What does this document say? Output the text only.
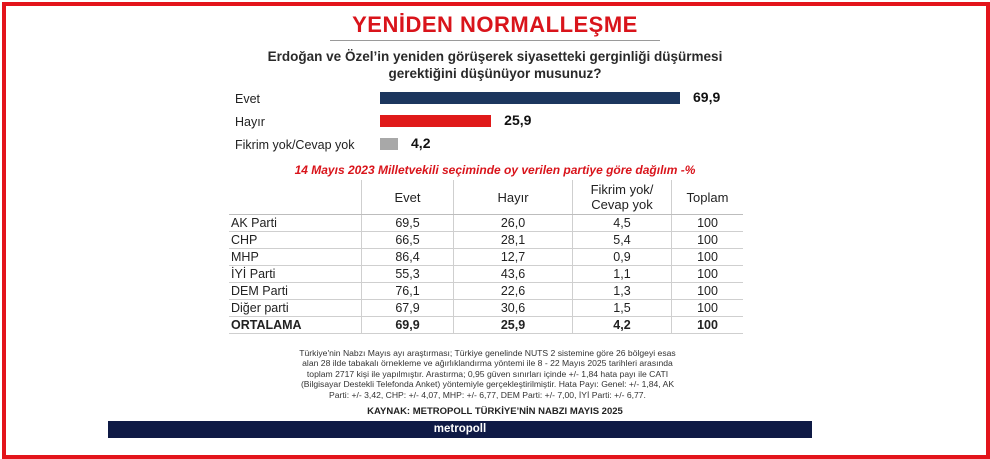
YENİDEN NORMALLEŞME
Erdoğan ve Özel’in yeniden görüşerek siyasetteki gerginliği düşürmesi
gerektiğini düşünüyor musunuz?
Evet	69,9
Hayır	25,9
Fikrim yok/Cevap yok	4,2
14 Mayıs 2023 Milletvekili seçiminde oy verilen partiye göre dağılım -%
	Evet	Hayır	Fikrim yok/ Cevap yok	Toplam
AK Parti	69,5	26,0	4,5	100
CHP	66,5	28,1	5,4	100
MHP	86,4	12,7	0,9	100
İYİ Parti	55,3	43,6	1,1	100
DEM Parti	76,1	22,6	1,3	100
Diğer parti	67,9	30,6	1,5	100
ORTALAMA	69,9	25,9	4,2	100
Türkiye'nin Nabzı Mayıs ayı araştırması; Türkiye genelinde NUTS 2 sistemine göre 26 bölgeyi esas
alan 28 ilde tabakalı örnekleme ve ağırlıklandırma yöntemi ile 8 - 22 Mayıs 2025 tarihleri arasında
toplam 2717 kişi ile yapılmıştır. Arastırma; 0,95 güven sınırları içinde +/- 1,84 hata payı ile CATI
(Bilgisayar Destekli Telefonda Anket) yöntemiyle gerçekleştirilmiştir. Hata Payı: Genel: +/- 1,84, AK
Parti: +/- 3,42, CHP: +/- 4,07, MHP: +/- 6,77, DEM Parti: +/- 7,00, İYİ Parti: +/- 6,77.
KAYNAK: METROPOLL TÜRKİYE’NİN NABZI MAYIS 2025
metropoll
